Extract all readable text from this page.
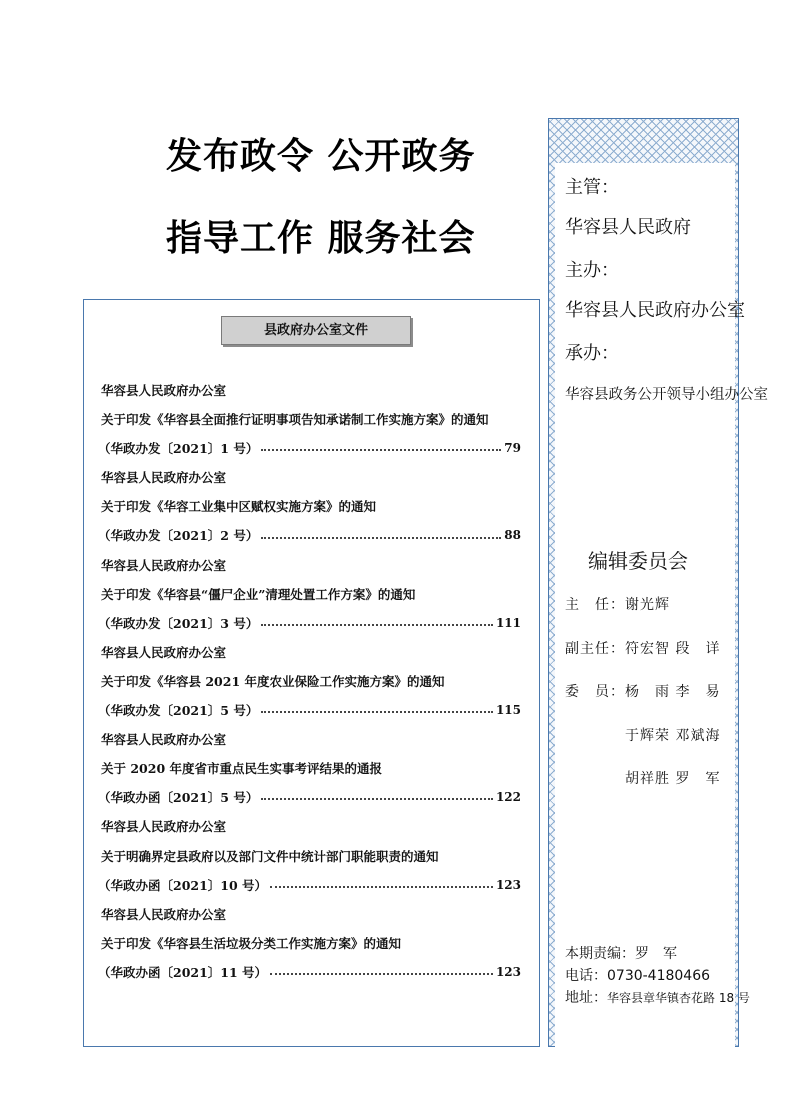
发布政令 公开政务
指导工作 服务社会
县政府办公室文件
华容县人民政府办公室
关于印发《华容县全面推行证明事项告知承诺制工作实施方案》的通知
（华政办发〔2021〕1 号）	79
华容县人民政府办公室
关于印发《华容工业集中区赋权实施方案》的通知
（华政办发〔2021〕2 号）	88
华容县人民政府办公室
关于印发《华容县“僵尸企业”清理处置工作方案》的通知
（华政办发〔2021〕3 号）	111
华容县人民政府办公室
关于印发《华容县 2021 年度农业保险工作实施方案》的通知
（华政办发〔2021〕5 号）	115
华容县人民政府办公室
关于 2020 年度省市重点民生实事考评结果的通报
（华政办函〔2021〕5 号）	122
华容县人民政府办公室
关于明确界定县政府以及部门文件中统计部门职能职责的通知
（华政办函〔2021〕10 号）	123
华容县人民政府办公室
关于印发《华容县生活垃圾分类工作实施方案》的通知
（华政办函〔2021〕11 号）	123
主管：
华容县人民政府
主办：
华容县人民政府办公室
承办：
华容县政务公开领导小组办公室
编辑委员会
主　任：谢光辉
副主任：符宏智 段　详
委　员：杨　雨 李　易
　　　　于辉荣 邓斌海
　　　　胡祥胜 罗　军
本期责编：罗　军
电话：0730-4180466
地址：华容县章华镇杏花路 18 号
